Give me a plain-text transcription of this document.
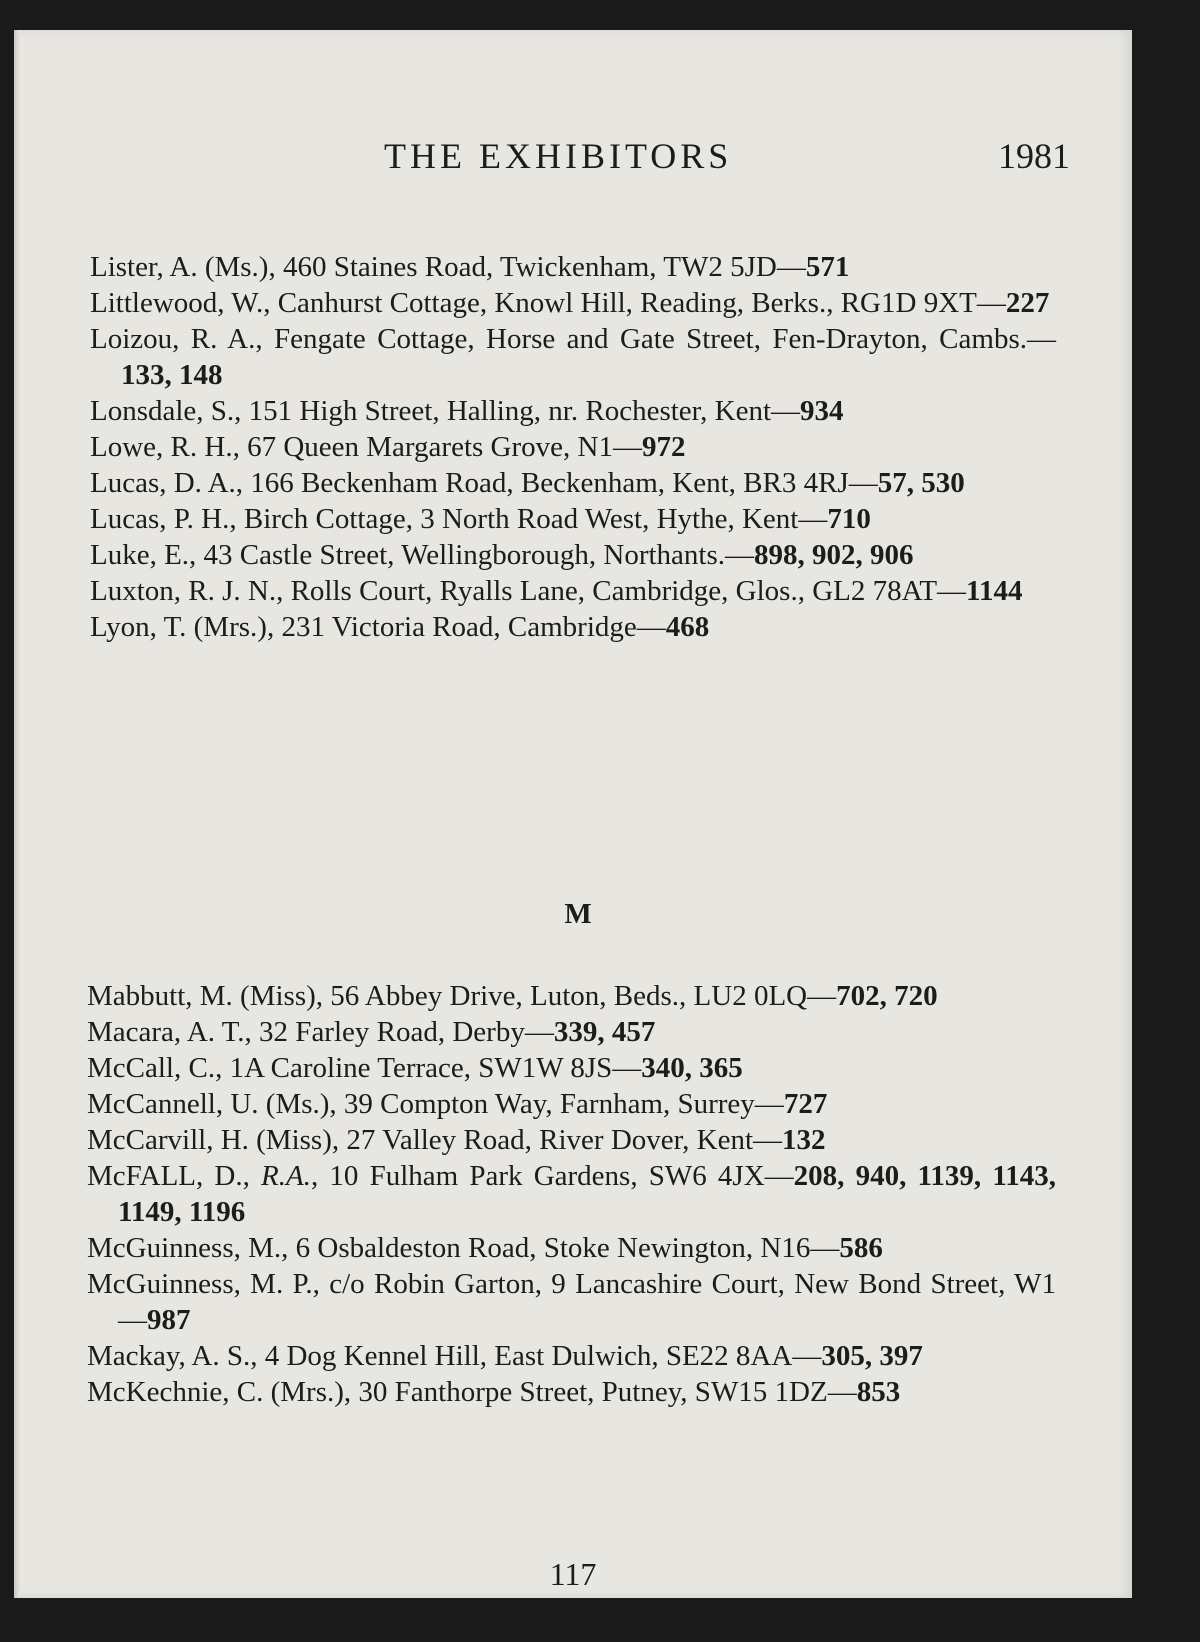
THE EXHIBITORS	1981
Lister, A. (Ms.), 460 Staines Road, Twickenham, TW2 5JD—571
Littlewood, W., Canhurst Cottage, Knowl Hill, Reading, Berks., RG1D 9XT—227
Loizou, R. A., Fengate Cottage, Horse and Gate Street, Fen-Drayton, Cambs.—133, 148
Lonsdale, S., 151 High Street, Halling, nr. Rochester, Kent—934
Lowe, R. H., 67 Queen Margarets Grove, N1—972
Lucas, D. A., 166 Beckenham Road, Beckenham, Kent, BR3 4RJ—57, 530
Lucas, P. H., Birch Cottage, 3 North Road West, Hythe, Kent—710
Luke, E., 43 Castle Street, Wellingborough, Northants.—898, 902, 906
Luxton, R. J. N., Rolls Court, Ryalls Lane, Cambridge, Glos., GL2 78AT—1144
Lyon, T. (Mrs.), 231 Victoria Road, Cambridge—468
M
Mabbutt, M. (Miss), 56 Abbey Drive, Luton, Beds., LU2 0LQ—702, 720
Macara, A. T., 32 Farley Road, Derby—339, 457
McCall, C., 1A Caroline Terrace, SW1W 8JS—340, 365
McCannell, U. (Ms.), 39 Compton Way, Farnham, Surrey—727
McCarvill, H. (Miss), 27 Valley Road, River Dover, Kent—132
McFALL, D., R.A., 10 Fulham Park Gardens, SW6 4JX—208, 940, 1139, 1143, 1149, 1196
McGuinness, M., 6 Osbaldeston Road, Stoke Newington, N16—586
McGuinness, M. P., c/o Robin Garton, 9 Lancashire Court, New Bond Street, W1—987
Mackay, A. S., 4 Dog Kennel Hill, East Dulwich, SE22 8AA—305, 397
McKechnie, C. (Mrs.), 30 Fanthorpe Street, Putney, SW15 1DZ—853
117
